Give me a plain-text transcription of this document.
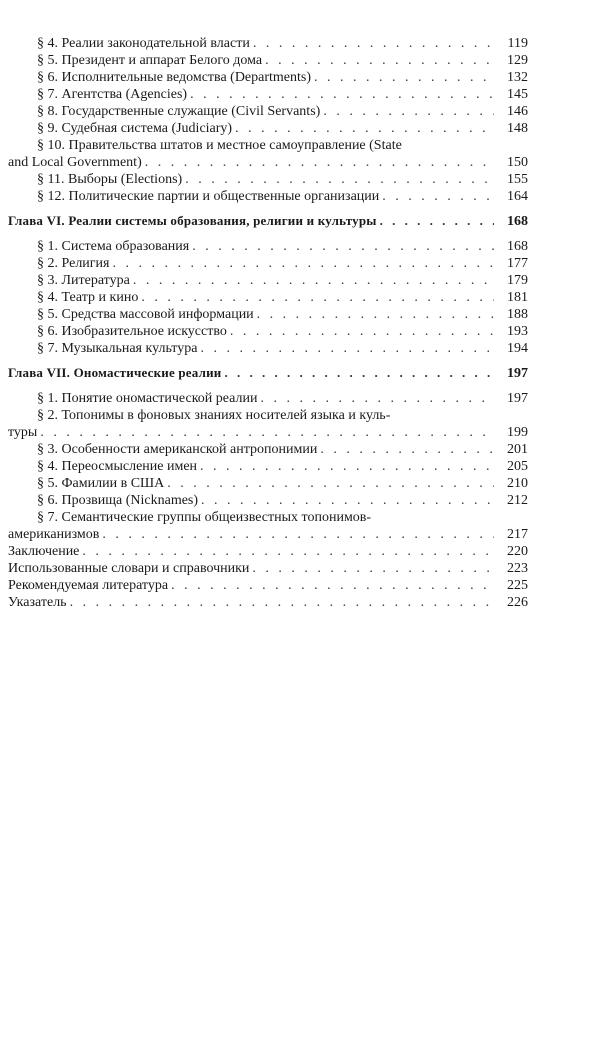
§ 4. Реалии законодательной власти . . .	119
§ 5. Президент и аппарат Белого дома . . .	129
§ 6. Исполнительные ведомства (Departments) . . .	132
§ 7. Агентства (Agencies) . . .	145
§ 8. Государственные служащие (Civil Servants) . . .	146
§ 9. Судебная система (Judiciary) . . .	148
§ 10. Правительства штатов и местное самоуправление (State
and Local Government) . . .	150
§ 11. Выборы (Elections) . . .	155
§ 12. Политические партии и общественные организации . . .	164
Глава VI. Реалии системы образования, религии и культуры . . .	168
§ 1. Система образования . . .	168
§ 2. Религия . . .	177
§ 3. Литература . . .	179
§ 4. Театр и кино . . .	181
§ 5. Средства массовой информации . . .	188
§ 6. Изобразительное искусство . . .	193
§ 7. Музыкальная культура . . .	194
Глава VII. Ономастические реалии . . .	197
§ 1. Понятие ономастической реалии . . .	197
§ 2. Топонимы в фоновых знаниях носителей языка и куль-
туры . . .	199
§ 3. Особенности американской антропонимии . . .	201
§ 4. Переосмысление имен . . .	205
§ 5. Фамилии в США . . .	210
§ 6. Прозвища (Nicknames) . . .	212
§ 7. Семантические группы общеизвестных топонимов-
американизмов . . .	217
Заключение . . .	220
Использованные словари и справочники . . .	223
Рекомендуемая литература . . .	225
Указатель . . .	226
